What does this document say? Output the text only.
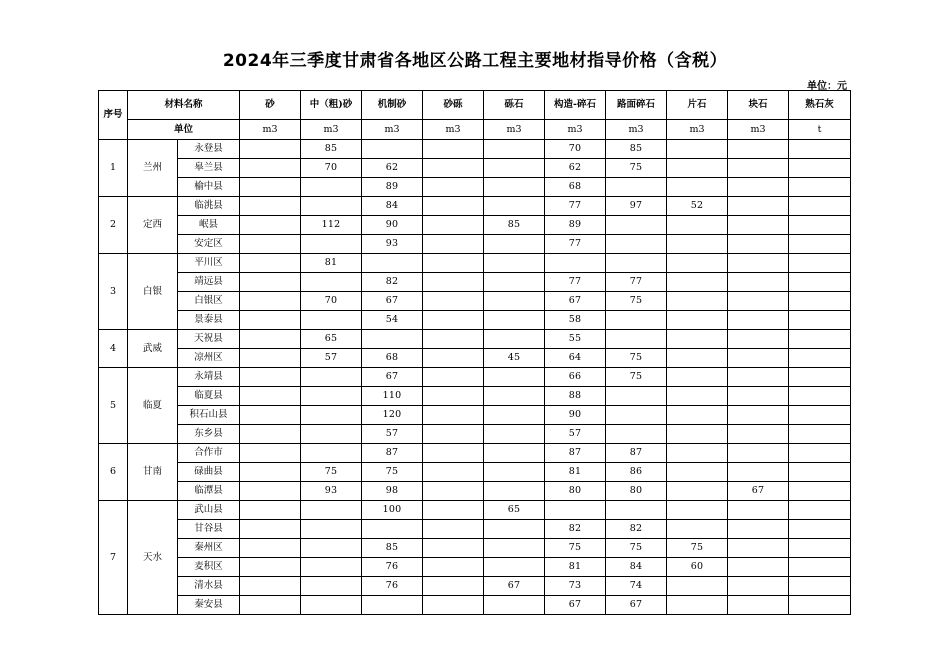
2024年三季度甘肃省各地区公路工程主要地材指导价格（含税）
单位：元
序号	材料名称		砂	中（粗)砂	机制砂	砂砾	砾石	构造-碎石	路面碎石	片石	块石	熟石灰
	单位		m3	m3	m3	m3	m3	m3	m3	m3	m3	t
1	兰州	永登县		85				70	85			
		皋兰县		70	62			62	75			
		榆中县			89			68				
2	定西	临洮县			84			77	97	52		
		岷县		112	90		85	89				
		安定区			93			77				
3	白银	平川区		81								
		靖远县			82			77	77			
		白银区		70	67			67	75			
		景泰县			54			58				
4	武威	天祝县		65				55				
		凉州区		57	68		45	64	75			
5	临夏	永靖县			67			66	75			
		临夏县			110			88				
		积石山县			120			90				
		东乡县			57			57				
6	甘南	合作市			87			87	87			
		碌曲县		75	75			81	86			
		临潭县		93	98			80	80		67	
7	天水	武山县			100		65					
		甘谷县						82	82			
		秦州区			85			75	75	75		
		麦积区			76			81	84	60		
		清水县			76		67	73	74			
		秦安县						67	67			
